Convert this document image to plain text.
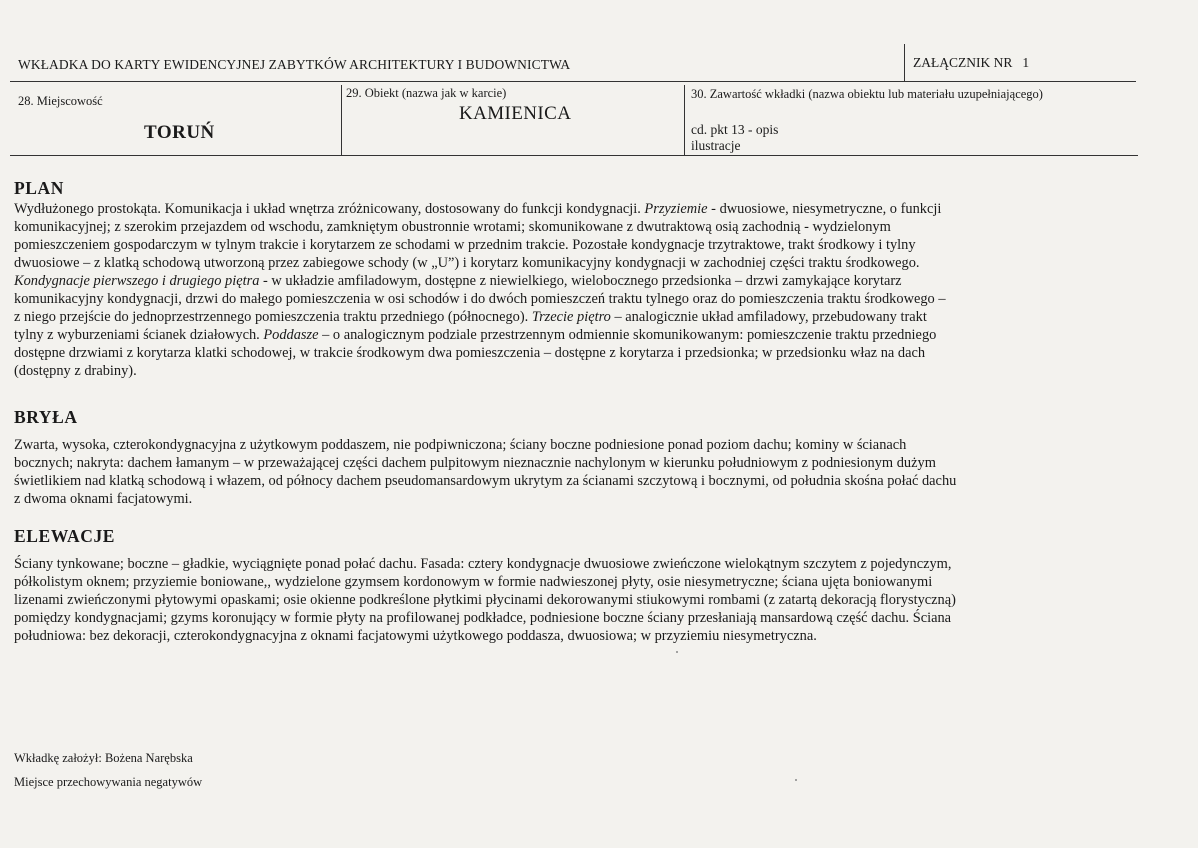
WKŁADKA DO KARTY EWIDENCYJNEJ ZABYTKÓW ARCHITEKTURY I BUDOWNICTWA	ZAŁĄCZNIK NR 1
28. Miejscowość
TORUŃ
29. Obiekt (nazwa jak w karcie)
KAMIENICA
30. Zawartość wkładki (nazwa obiektu lub materiału uzupełniającego)
cd. pkt 13 - opis
ilustracje
PLAN

Wydłużonego prostokąta. Komunikacja i układ wnętrza zróżnicowany, dostosowany do funkcji kondygnacji. Przyziemie - dwuosiowe, niesymetryczne, o funkcji

komunikacyjnej; z szerokim przejazdem od wschodu, zamkniętym obustronnie wrotami; skomunikowane z dwutraktową osią zachodnią - wydzielonym

pomieszczeniem gospodarczym w tylnym trakcie i korytarzem ze schodami w przednim trakcie. Pozostałe kondygnacje trzytraktowe, trakt środkowy i tylny

dwuosiowe – z klatką schodową utworzoną przez zabiegowe schody (w „U”) i korytarz komunikacyjny kondygnacji w zachodniej części traktu środkowego.

Kondygnacje pierwszego i drugiego piętra - w układzie amfiladowym, dostępne z niewielkiego, wielobocznego przedsionka – drzwi zamykające korytarz

komunikacyjny kondygnacji, drzwi do małego pomieszczenia w osi schodów i do dwóch pomieszczeń traktu tylnego oraz do pomieszczenia traktu środkowego –

z niego przejście do jednoprzestrzennego pomieszczenia traktu przedniego (północnego). Trzecie piętro – analogicznie układ amfiladowy, przebudowany trakt

tylny z wyburzeniami ścianek działowych. Poddasze – o analogicznym podziale przestrzennym odmiennie skomunikowanym: pomieszczenie traktu przedniego

dostępne drzwiami z korytarza klatki schodowej, w trakcie środkowym dwa pomieszczenia – dostępne z korytarza i przedsionka; w przedsionku właz na dach

(dostępny z drabiny).

BRYŁA

Zwarta, wysoka, czterokondygnacyjna z użytkowym poddaszem, nie podpiwniczona; ściany boczne podniesione ponad poziom dachu; kominy w ścianach

bocznych; nakryta: dachem łamanym – w przeważającej części dachem pulpitowym nieznacznie nachylonym w kierunku południowym z podniesionym dużym

świetlikiem nad klatką schodową i włazem, od północy dachem pseudomansardowym ukrytym za ścianami szczytową i bocznymi, od południa skośna połać dachu

z dwoma oknami facjatowymi.

ELEWACJE

Ściany tynkowane; boczne – gładkie, wyciągnięte ponad połać dachu. Fasada: cztery kondygnacje dwuosiowe zwieńczone wielokątnym szczytem z pojedynczym,

półkolistym oknem; przyziemie boniowane,, wydzielone gzymsem kordonowym w formie nadwieszonej płyty, osie niesymetryczne; ściana ujęta boniowanymi

lizenami zwieńczonymi płytowymi opaskami; osie okienne podkreślone płytkimi płycinami dekorowanymi stiukowymi rombami (z zatartą dekoracją florystyczną)

pomiędzy kondygnacjami; gzyms koronujący w formie płyty na profilowanej podkładce, podniesione boczne ściany przesłaniają mansardową część dachu. Ściana

południowa: bez dekoracji, czterokondygnacyjna z oknami facjatowymi użytkowego poddasza, dwuosiowa; w przyziemiu niesymetryczna.

Wkładkę założył: Bożena Narębska
Miejsce przechowywania negatywów
